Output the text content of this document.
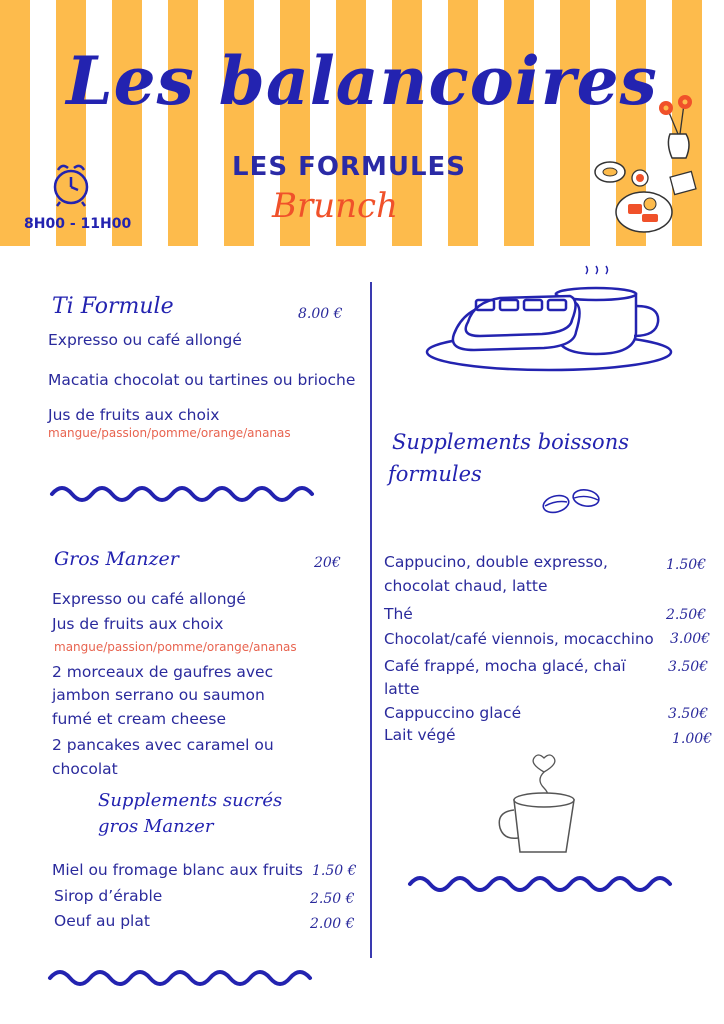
Les balancoires
LES FORMULES
Brunch
8H00 - 11H00
Ti Formule	8.00 €
Expresso ou café allongé
Macatia chocolat ou tartines ou brioche
Jus de fruits aux choix
mangue/passion/pomme/orange/ananas
Gros Manzer	20€
Expresso ou café allongé
Jus de fruits aux choix
mangue/passion/pomme/orange/ananas
2 morceaux de gaufres avec
jambon serrano ou saumon
fumé et cream cheese
2 pancakes avec caramel ou
chocolat
Supplements sucrés
gros Manzer
Miel ou fromage blanc aux fruits 1.50 €
Sirop d’érable	2.50 €
Oeuf au plat	2.00 €
Supplements boissons
formules
Cappucino, double expresso,
chocolat chaud, latte
1.50€
Thé	2.50€
Chocolat/café viennois, mocacchino 3.00€
Café frappé, mocha glacé, chaï
latte
3.50€
Cappuccino glacé	3.50€
Lait végé	1.00€
